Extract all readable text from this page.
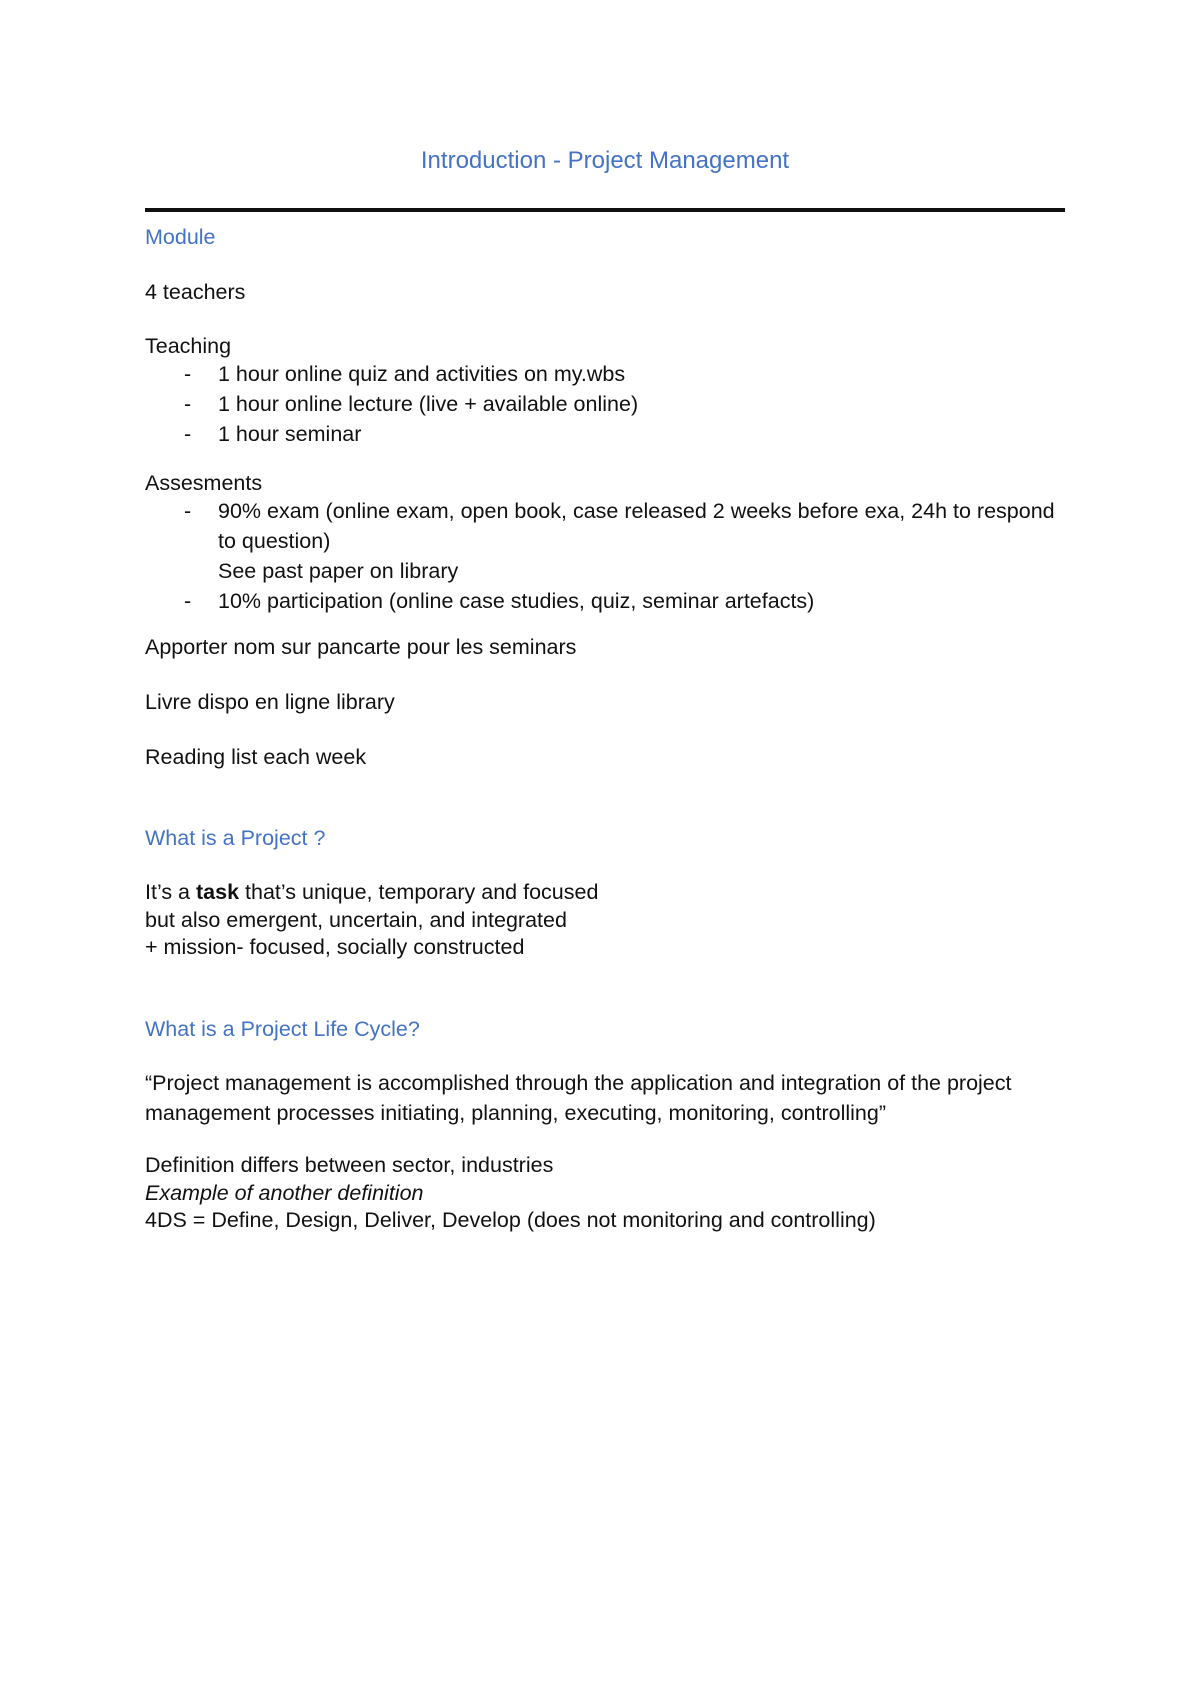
Introduction - Project Management
Module
4 teachers
Teaching
- 1 hour online quiz and activities on my.wbs
- 1 hour online lecture (live + available online)
- 1 hour seminar
Assesments
- 90% exam (online exam, open book, case released 2 weeks before exa, 24h to respond to question)
See past paper on library
- 10% participation (online case studies, quiz, seminar artefacts)
Apporter nom sur pancarte pour les seminars
Livre dispo en ligne library
Reading list each week
What is a Project ?
It’s a task that’s unique, temporary and focused
but also emergent, uncertain, and integrated
+ mission- focused, socially constructed
What is a Project Life Cycle?
“Project management is accomplished through the application and integration of the project management processes initiating, planning, executing, monitoring, controlling”
Definition differs between sector, industries
Example of another definition
4DS = Define, Design, Deliver, Develop (does not monitoring and controlling)
